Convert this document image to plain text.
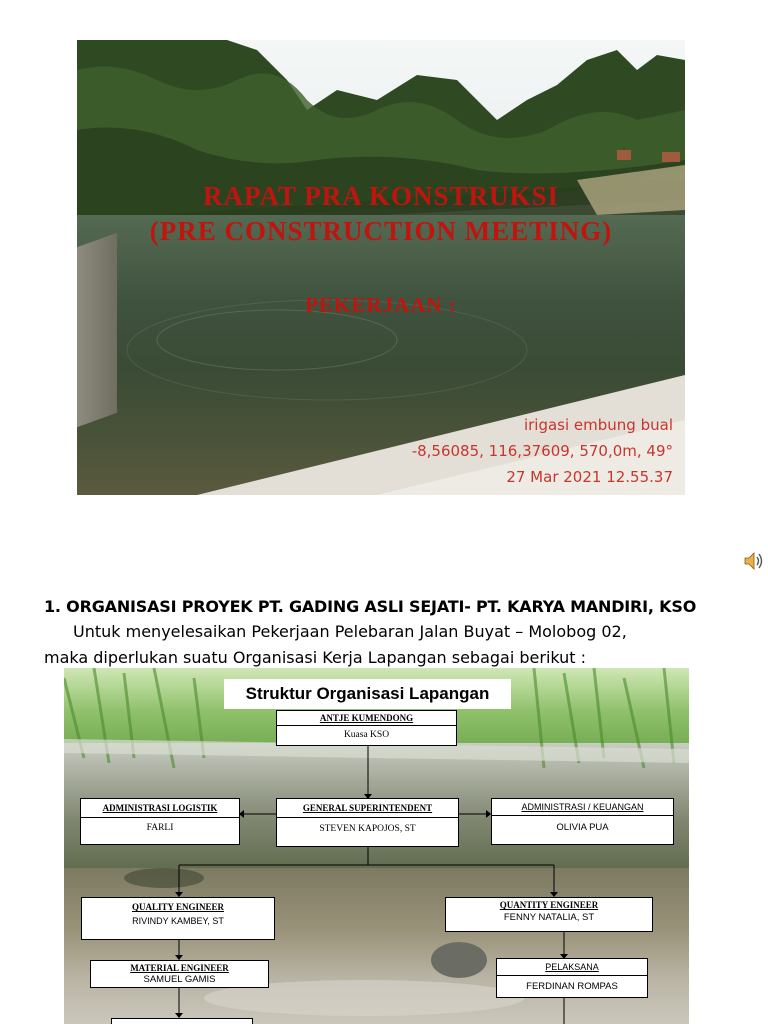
RAPAT PRA KONSTRUKSI
(PRE CONSTRUCTION MEETING)
PEKERJAAN :
irigasi embung bual
-8,56085, 116,37609, 570,0m, 49°
27 Mar 2021 12.55.37
1. ORGANISASI PROYEK PT. GADING ASLI SEJATI- PT. KARYA MANDIRI, KSO
Untuk menyelesaikan Pekerjaan Pelebaran Jalan Buyat – Molobog 02,
maka diperlukan suatu Organisasi Kerja Lapangan sebagai berikut :
Struktur Organisasi Lapangan
ANTJE KUMENDONG
Kuasa KSO
ADMINISTRASI LOGISTIK
FARLI
GENERAL SUPERINTENDENT
STEVEN KAPOJOS, ST
ADMINISTRASI / KEUANGAN
OLIVIA PUA
QUALITY ENGINEER
RIVINDY KAMBEY, ST
QUANTITY ENGINEER
FENNY NATALIA, ST
MATERIAL ENGINEER
SAMUEL GAMIS
PELAKSANA
FERDINAN ROMPAS
